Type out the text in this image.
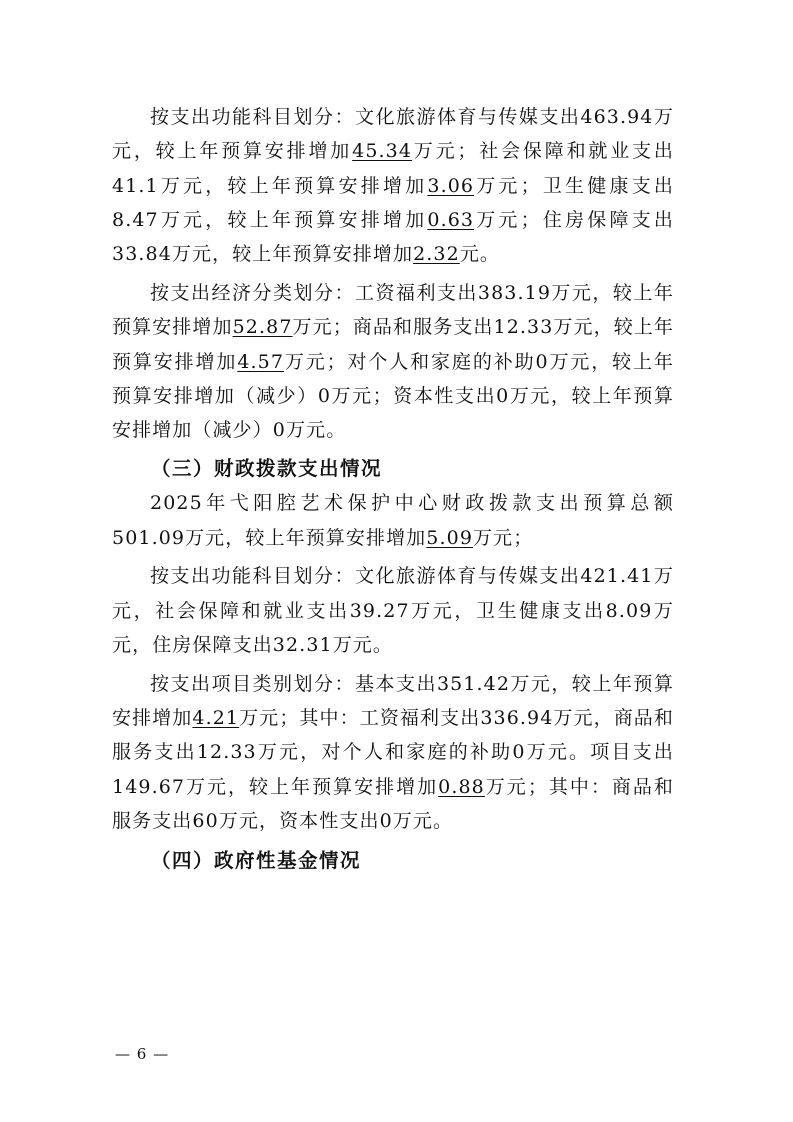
按支出功能科目划分：文化旅游体育与传媒支出463.94万元，较上年预算安排增加45.34万元；社会保障和就业支出41.1万元，较上年预算安排增加3.06万元；卫生健康支出8.47万元，较上年预算安排增加0.63万元；住房保障支出33.84万元，较上年预算安排增加2.32元。

按支出经济分类划分：工资福利支出383.19万元，较上年预算安排增加52.87万元；商品和服务支出12.33万元，较上年预算安排增加4.57万元；对个人和家庭的补助0万元，较上年预算安排增加（减少）0万元；资本性支出0万元，较上年预算安排增加（减少）0万元。

（三）财政拨款支出情况

2025年弋阳腔艺术保护中心财政拨款支出预算总额501.09万元，较上年预算安排增加5.09万元；

按支出功能科目划分：文化旅游体育与传媒支出421.41万元，社会保障和就业支出39.27万元，卫生健康支出8.09万元，住房保障支出32.31万元。

按支出项目类别划分：基本支出351.42万元，较上年预算安排增加4.21万元；其中：工资福利支出336.94万元，商品和服务支出12.33万元，对个人和家庭的补助0万元。项目支出149.67万元，较上年预算安排增加0.88万元；其中：商品和服务支出60万元，资本性支出0万元。

（四）政府性基金情况

— 6 —
